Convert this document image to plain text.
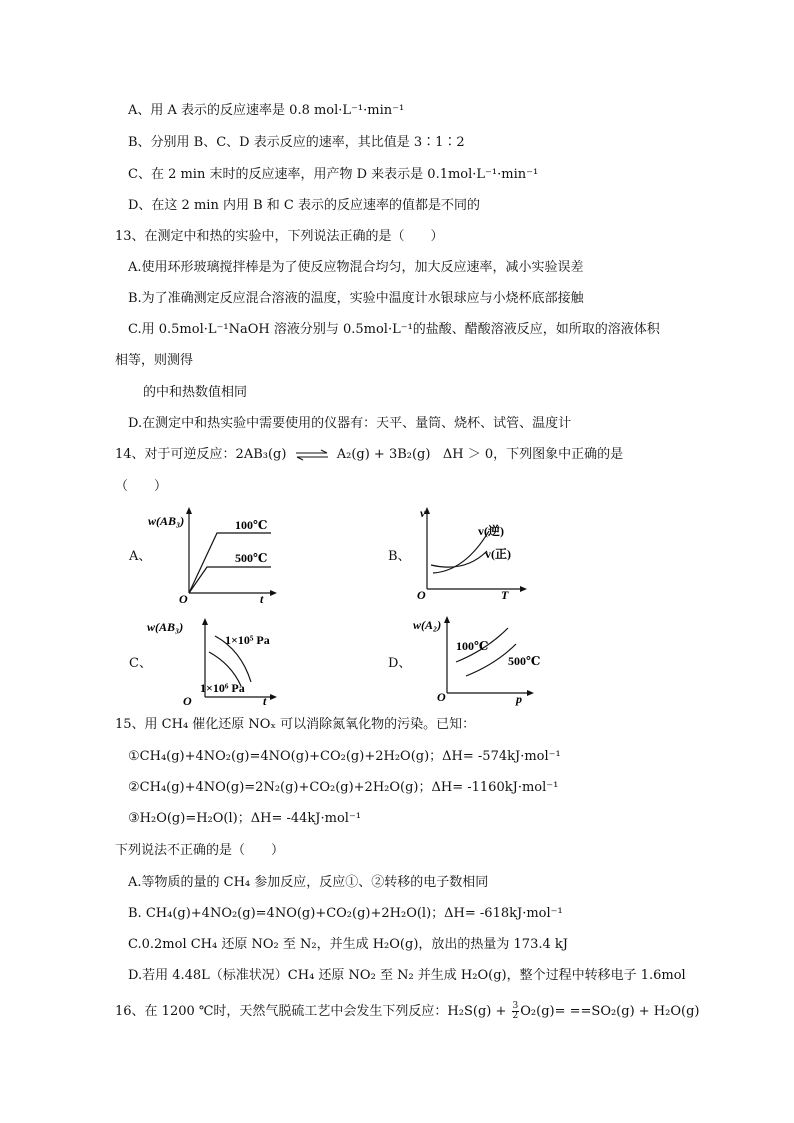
A、用 A 表示的反应速率是 0.8 mol·L⁻¹·min⁻¹
B、分别用 B、C、D 表示反应的速率，其比值是 3∶1∶2
C、在 2 min 末时的反应速率，用产物 D 来表示是 0.1mol·L⁻¹·min⁻¹
D、在这 2 min 内用 B 和 C 表示的反应速率的值都是不同的
13、在测定中和热的实验中，下列说法正确的是（　　）
A.使用环形玻璃搅拌棒是为了使反应物混合均匀，加大反应速率，减小实验误差
B.为了准确测定反应混合溶液的温度，实验中温度计水银球应与小烧杯底部接触
C.用 0.5mol·L⁻¹NaOH 溶液分别与 0.5mol·L⁻¹的盐酸、醋酸溶液反应，如所取的溶液体积
相等，则测得
的中和热数值相同
D.在测定中和热实验中需要使用的仪器有：天平、量筒、烧杯、试管、温度计
14、对于可逆反应：2AB₃(g) ⇌ A₂(g) + 3B₂(g) ΔH ＞ 0，下列图象中正确的是
（　　）
A、
w(AB₃)	100℃
500℃
O	t
B、
v
v(逆)
v(正)
O	T
C、
w(AB₃)
1×10⁵ Pa
1×10⁶ Pa
O	t
D、
w(A₂)
100℃
500℃
O	p
15、用 CH₄ 催化还原 NOₓ 可以消除氮氧化物的污染。已知：
①CH₄(g)+4NO₂(g)=4NO(g)+CO₂(g)+2H₂O(g)；ΔH= -574kJ·mol⁻¹
②CH₄(g)+4NO(g)=2N₂(g)+CO₂(g)+2H₂O(g)；ΔH= -1160kJ·mol⁻¹
③H₂O(g)=H₂O(l)；ΔH= -44kJ·mol⁻¹
下列说法不正确的是（　　）
A.等物质的量的 CH₄ 参加反应，反应①、②转移的电子数相同
B. CH₄(g)+4NO₂(g)=4NO(g)+CO₂(g)+2H₂O(l)；ΔH= -618kJ·mol⁻¹
C.0.2mol CH₄ 还原 NO₂ 至 N₂，并生成 H₂O(g)，放出的热量为 173.4 kJ
D.若用 4.48L（标准状况）CH₄ 还原 NO₂ 至 N₂ 并生成 H₂O(g)，整个过程中转移电子 1.6mol
16、在 1200 ℃时，天然气脱硫工艺中会发生下列反应：$H_2S(g) + \frac{3}{2} O_2(g)= ==SO_2(g) + H_2O(g)$
